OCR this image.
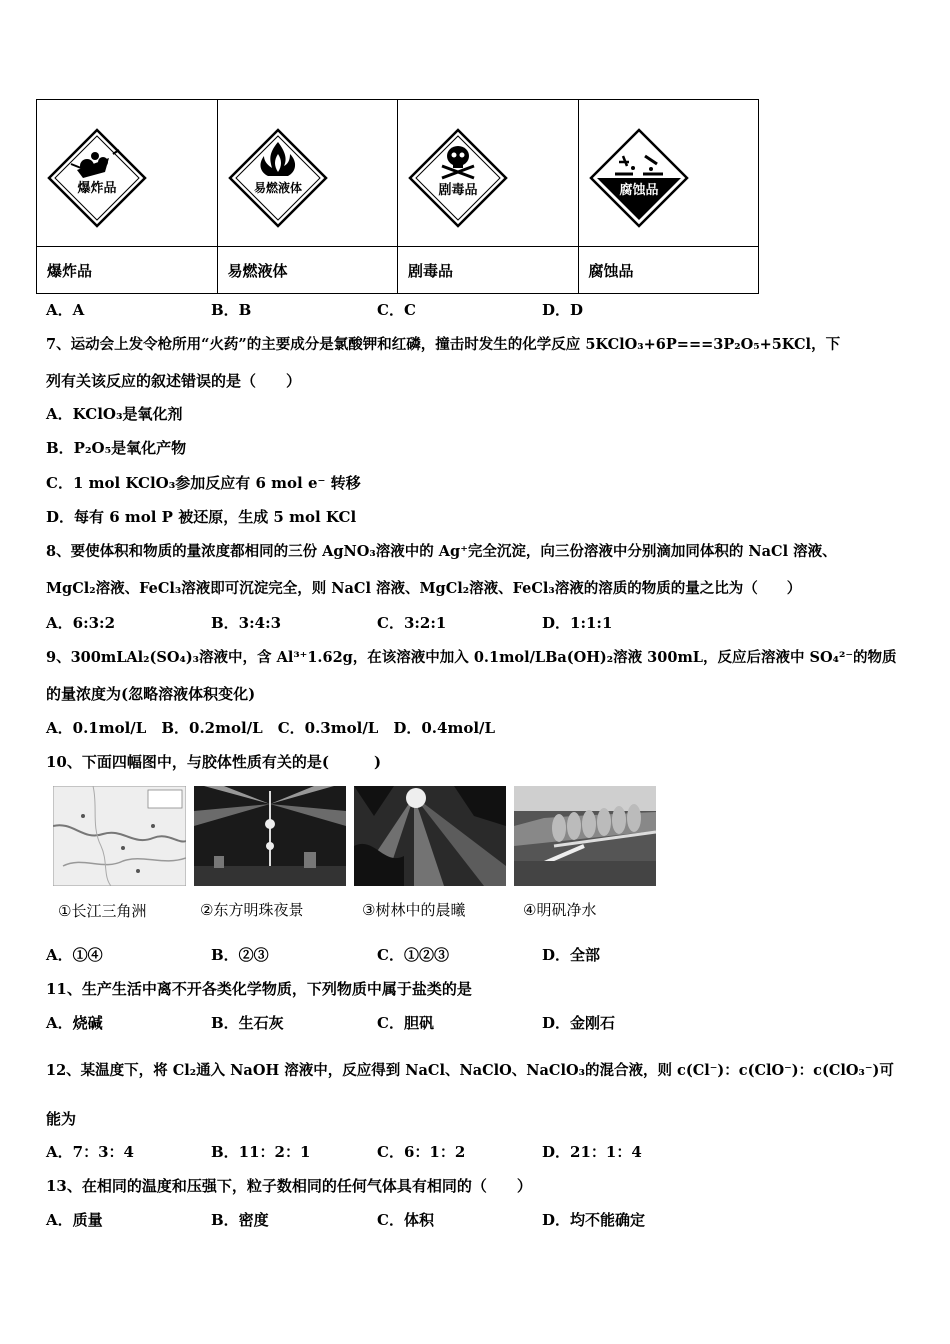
爆炸品	易燃液体	剧毒品	腐蚀品

爆炸品	易燃液体	剧毒品	腐蚀品
A．A	B．B	C．C	D．D
7、运动会上发令枪所用“火药”的主要成分是氯酸钾和红磷，撞击时发生的化学反应 5KClO₃+6P===3P₂O₅+5KCl，下
列有关该反应的叙述错误的是（　　）
A．KClO₃是氧化剂
B．P₂O₅是氧化产物
C．1 mol KClO₃参加反应有 6 mol e⁻ 转移
D．每有 6 mol P 被还原，生成 5 mol KCl
8、要使体积和物质的量浓度都相同的三份 AgNO₃溶液中的 Ag⁺完全沉淀，向三份溶液中分别滴加同体积的 NaCl 溶液、
MgCl₂溶液、FeCl₃溶液即可沉淀完全，则 NaCl 溶液、MgCl₂溶液、FeCl₃溶液的溶质的物质的量之比为（　　）
A．6:3:2	B．3:4:3	C．3:2:1	D．1:1:1
9、300mLAl₂(SO₄)₃溶液中，含 Al³⁺1.62g，在该溶液中加入 0.1mol/LBa(OH)₂溶液 300mL，反应后溶液中 SO₄²⁻的物质
的量浓度为(忽略溶液体积变化)
A．0.1mol/L　B．0.2mol/L　C．0.3mol/L　D．0.4mol/L
10、下面四幅图中，与胶体性质有关的是(　　　)
①长江三角洲	②东方明珠夜景	③树林中的晨曦	④明矾净水
A．①④	B．②③	C．①②③	D．全部
11、生产生活中离不开各类化学物质，下列物质中属于盐类的是
A．烧碱	B．生石灰	C．胆矾	D．金刚石
12、某温度下，将 Cl₂通入 NaOH 溶液中，反应得到 NaCl、NaClO、NaClO₃的混合液，则 c(Cl⁻)：c(ClO⁻)：c(ClO₃⁻)可
能为
A．7：3：4	B．11：2：1	C．6：1：2	D．21：1：4
13、在相同的温度和压强下，粒子数相同的任何气体具有相同的（　　）
A．质量	B．密度	C．体积	D．均不能确定
